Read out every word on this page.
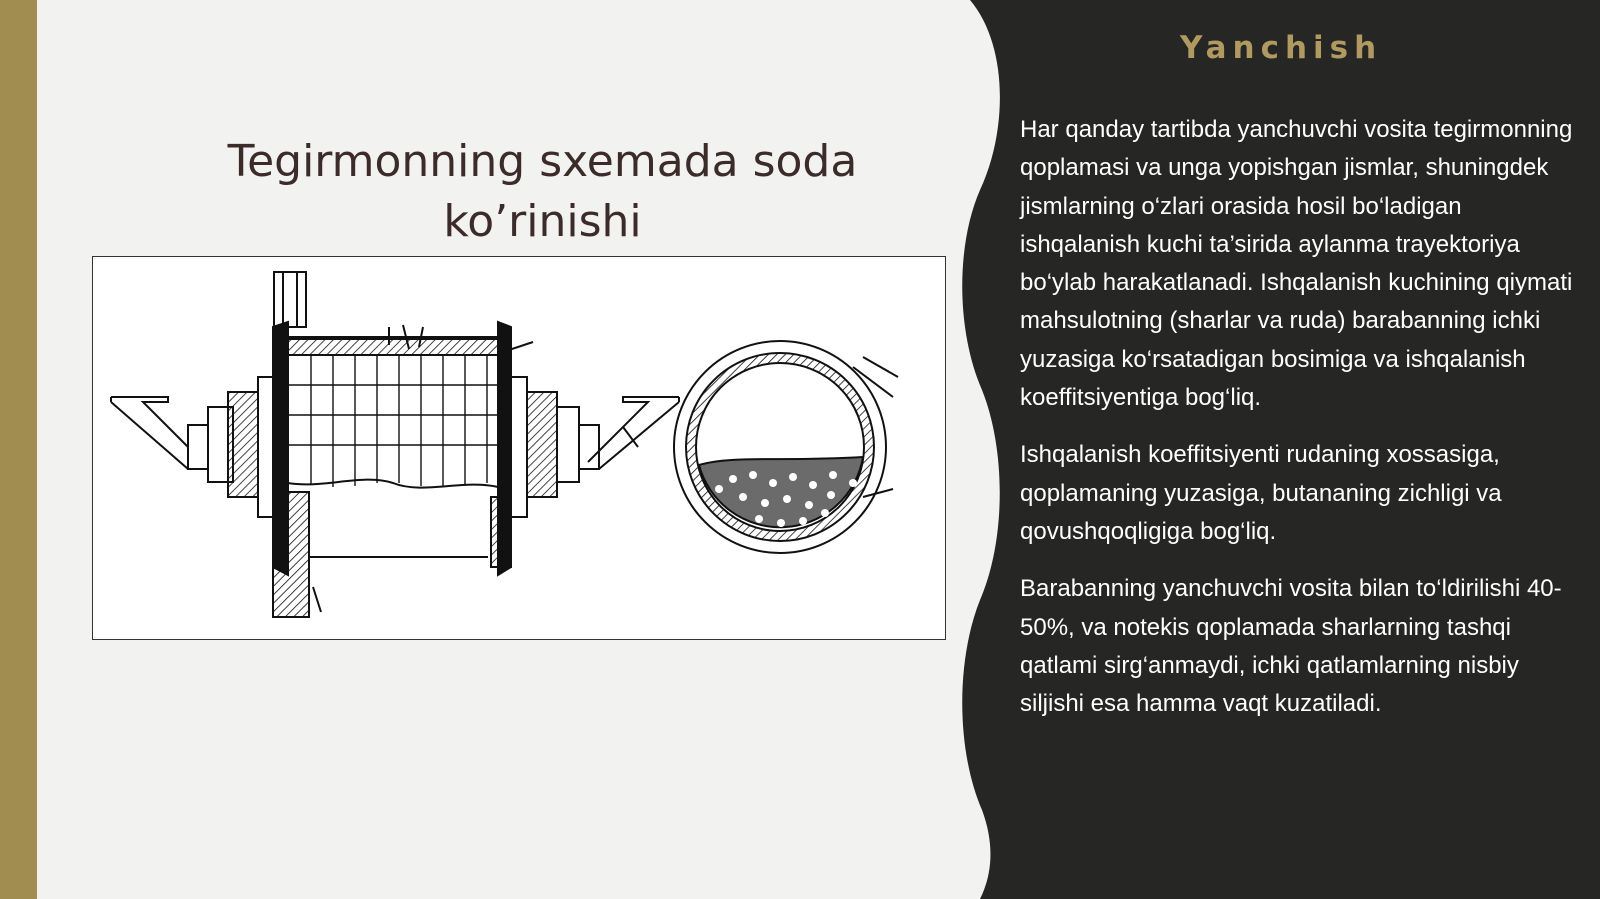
Tegirmonning sxemada soda ko’rinishi
Yanchish

Har qanday tartibda yanchuvchi vosita tegirmonning qoplamasi va unga yopishgan jismlar, shuningdek jismlarning o‘zlari orasida hosil bo‘ladigan ishqalanish kuchi ta’sirida aylanma trayektoriya bo‘ylab harakatlanadi. Ishqalanish kuchining qiymati mahsulotning (sharlar va ruda) barabanning ichki yuzasiga ko‘rsatadigan bosimiga va ishqalanish koeffitsiyentiga bog‘liq.

Ishqalanish koeffitsiyenti rudaning xossasiga, qoplamaning yuzasiga, butananing zichligi va qovushqoqligiga bog‘liq.

Barabanning yanchuvchi vosita bilan to‘ldirilishi 40-50%, va notekis qoplamada sharlarning tashqi qatlami sirg‘anmaydi, ichki qatlamlarning nisbiy siljishi esa hamma vaqt kuzatiladi.
